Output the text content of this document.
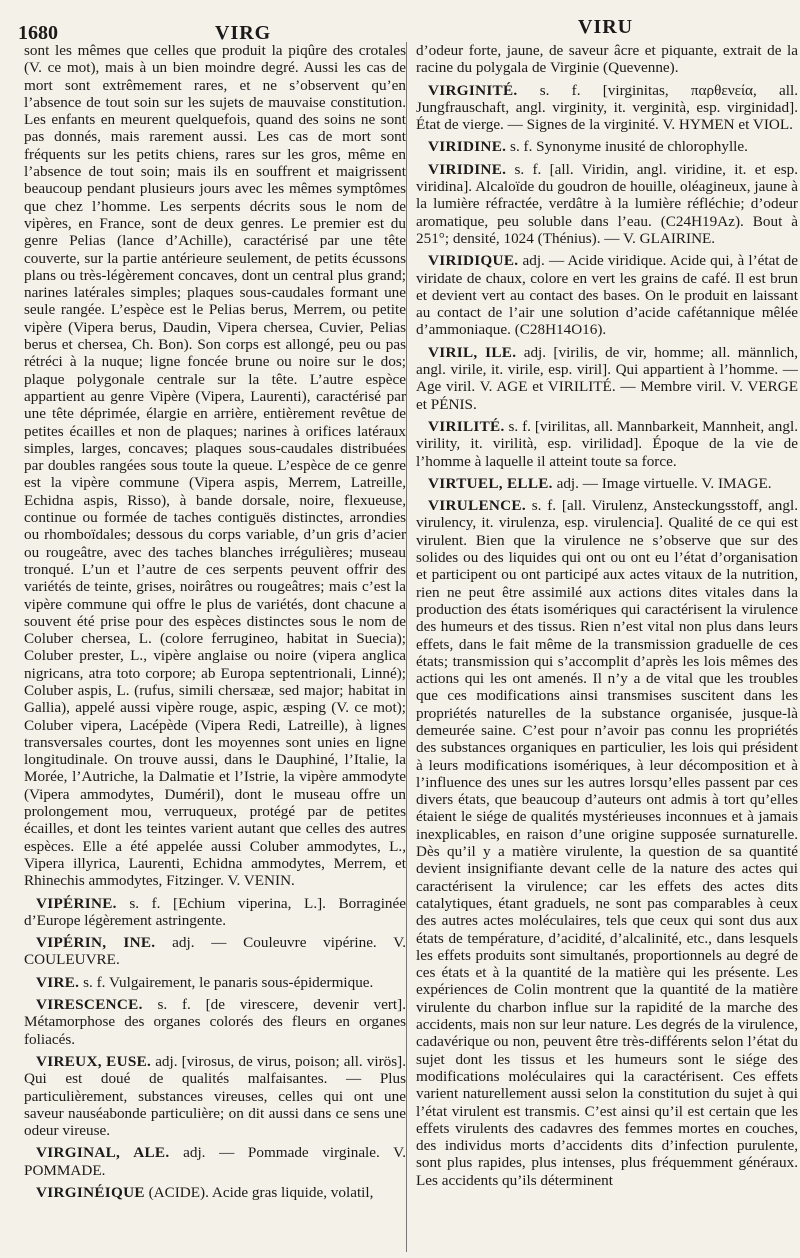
1680	VIRG	VIRU

sont les mêmes que celles que produit la piqûre des crotales (V. ce mot), mais à un bien moindre degré. Aussi les cas de mort sont extrêmement rares, et ne s’observent qu’en l’absence de tout soin sur les sujets de mauvaise constitution. Les enfants en meurent quelquefois, quand des soins ne sont pas donnés, mais rarement aussi. Les cas de mort sont fréquents sur les petits chiens, rares sur les gros, même en l’absence de tout soin; mais ils en souffrent et maigrissent beaucoup pendant plusieurs jours avec les mêmes symptômes que chez l’homme. Les serpents décrits sous le nom de vipères, en France, sont de deux genres. Le premier est du genre Pelias (lance d’Achille), caractérisé par une tête couverte, sur la partie antérieure seulement, de petits écussons plans ou très-légèrement concaves, dont un central plus grand; narines latérales simples; plaques sous-caudales formant une seule rangée. L’espèce est le Pelias berus, Merrem, ou petite vipère (Vipera berus, Daudin, Vipera chersea, Cuvier, Pelias berus et chersea, Ch. Bon). Son corps est allongé, peu ou pas rétréci à la nuque; ligne foncée brune ou noire sur le dos; plaque polygonale centrale sur la tête. L’autre espèce appartient au genre Vipère (Vipera, Laurenti), caractérisé par une tête déprimée, élargie en arrière, entièrement revêtue de petites écailles et non de plaques; narines à orifices latéraux simples, larges, concaves; plaques sous-caudales distribuées par doubles rangées sous toute la queue. L’espèce de ce genre est la vipère commune (Vipera aspis, Merrem, Latreille, Echidna aspis, Risso), à bande dorsale, noire, flexueuse, continue ou formée de taches contiguës distinctes, arrondies ou rhomboïdales; dessous du corps variable, d’un gris d’acier ou rougeâtre, avec des taches blanches irrégulières; museau tronqué. L’un et l’autre de ces serpents peuvent offrir des variétés de teinte, grises, noirâtres ou rougeâtres; mais c’est la vipère commune qui offre le plus de variétés, dont chacune a souvent été prise pour des espèces distinctes sous le nom de Coluber chersea, L. (colore ferrugineo, habitat in Suecia); Coluber prester, L., vipère anglaise ou noire (vipera anglica nigricans, atra toto corpore; ab Europa septentrionali, Linné); Coluber aspis, L. (rufus, simili chersææ, sed major; habitat in Gallia), appelé aussi vipère rouge, aspic, æsping (V. ce mot); Coluber vipera, Lacépède (Vipera Redi, Latreille), à lignes transversales courtes, dont les moyennes sont unies en ligne longitudinale. On trouve aussi, dans le Dauphiné, l’Italie, la Morée, l’Autriche, la Dalmatie et l’Istrie, la vipère ammodyte (Vipera ammodytes, Duméril), dont le museau offre un prolongement mou, verruqueux, protégé par de petites écailles, et dont les teintes varient autant que celles des autres espèces. Elle a été appelée aussi Coluber ammodytes, L., Vipera illyrica, Laurenti, Echidna ammodytes, Merrem, et Rhinechis ammodytes, Fitzinger. V. VENIN.

VIPÉRINE. s. f. [Echium viperina, L.]. Borraginée d’Europe légèrement astringente.

VIPÉRIN, INE. adj. — Couleuvre vipérine. V. COULEUVRE.

VIRE. s. f. Vulgairement, le panaris sous-épidermique.

VIRESCENCE. s. f. [de virescere, devenir vert]. Métamorphose des organes colorés des fleurs en organes foliacés.

VIREUX, EUSE. adj. [virosus, de virus, poison; all. virös]. Qui est doué de qualités malfaisantes. — Plus particulièrement, substances vireuses, celles qui ont une saveur nauséabonde particulière; on dit aussi dans ce sens une odeur vireuse.

VIRGINAL, ALE. adj. — Pommade virginale. V. POMMADE.

VIRGINÉIQUE (ACIDE). Acide gras liquide, volatil,

d’odeur forte, jaune, de saveur âcre et piquante, extrait de la racine du polygala de Virginie (Quevenne).

VIRGINITÉ. s. f. [virginitas, παρθενεία, all. Jungfrauschaft, angl. virginity, it. verginità, esp. virginidad]. État de vierge. — Signes de la virginité. V. HYMEN et VIOL.

VIRIDINE. s. f. Synonyme inusité de chlorophylle.

VIRIDINE. s. f. [all. Viridin, angl. viridine, it. et esp. viridina]. Alcaloïde du goudron de houille, oléagineux, jaune à la lumière réfractée, verdâtre à la lumière réfléchie; d’odeur aromatique, peu soluble dans l’eau. (C24H19Az). Bout à 251°; densité, 1024 (Thénius). — V. GLAIRINE.

VIRIDIQUE. adj. — Acide viridique. Acide qui, à l’état de viridate de chaux, colore en vert les grains de café. Il est brun et devient vert au contact des bases. On le produit en laissant au contact de l’air une solution d’acide cafétannique mêlée d’ammoniaque. (C28H14O16).

VIRIL, ILE. adj. [virilis, de vir, homme; all. männlich, angl. virile, it. virile, esp. viril]. Qui appartient à l’homme. — Age viril. V. AGE et VIRILITÉ. — Membre viril. V. VERGE et PÉNIS.

VIRILITÉ. s. f. [virilitas, all. Mannbarkeit, Mannheit, angl. virility, it. virilità, esp. virilidad]. Époque de la vie de l’homme à laquelle il atteint toute sa force.

VIRTUEL, ELLE. adj. — Image virtuelle. V. IMAGE.

VIRULENCE. s. f. [all. Virulenz, Ansteckungsstoff, angl. virulency, it. virulenza, esp. virulencia]. Qualité de ce qui est virulent. Bien que la virulence ne s’observe que sur des solides ou des liquides qui ont ou ont eu l’état d’organisation et participent ou ont participé aux actes vitaux de la nutrition, rien ne peut être assimilé aux actions dites vitales dans la production des états isomériques qui caractérisent la virulence des humeurs et des tissus. Rien n’est vital non plus dans leurs effets, dans le fait même de la transmission graduelle de ces états; transmission qui s’accomplit d’après les lois mêmes des actions qui les ont amenés. Il n’y a de vital que les troubles que ces modifications ainsi transmises suscitent dans les propriétés naturelles de la substance organisée, jusque-là demeurée saine. C’est pour n’avoir pas connu les propriétés des substances organiques en particulier, les lois qui président à leurs modifications isomériques, à leur décomposition et à l’influence des unes sur les autres lorsqu’elles passent par ces divers états, que beaucoup d’auteurs ont admis à tort qu’elles étaient le siége de qualités mystérieuses inconnues et à jamais inexplicables, en raison d’une origine supposée surnaturelle. Dès qu’il y a matière virulente, la question de sa quantité devient insignifiante devant celle de la nature des actes qui caractérisent la virulence; car les effets des actes dits catalytiques, étant graduels, ne sont pas comparables à ceux des autres actes moléculaires, tels que ceux qui sont dus aux états de température, d’acidité, d’alcalinité, etc., dans lesquels les effets produits sont simultanés, proportionnels au degré de ces états et à la quantité de la matière qui les présente. Les expériences de Colin montrent que la quantité de la matière virulente du charbon influe sur la rapidité de la marche des accidents, mais non sur leur nature. Les degrés de la virulence, cadavérique ou non, peuvent être très-différents selon l’état du sujet dont les tissus et les humeurs sont le siége des modifications moléculaires qui la caractérisent. Ces effets varient naturellement aussi selon la constitution du sujet à qui l’état virulent est transmis. C’est ainsi qu’il est certain que les effets virulents des cadavres des femmes mortes en couches, des individus morts d’accidents dits d’infection purulente, sont plus rapides, plus intenses, plus fréquemment généraux. Les accidents qu’ils déterminent
